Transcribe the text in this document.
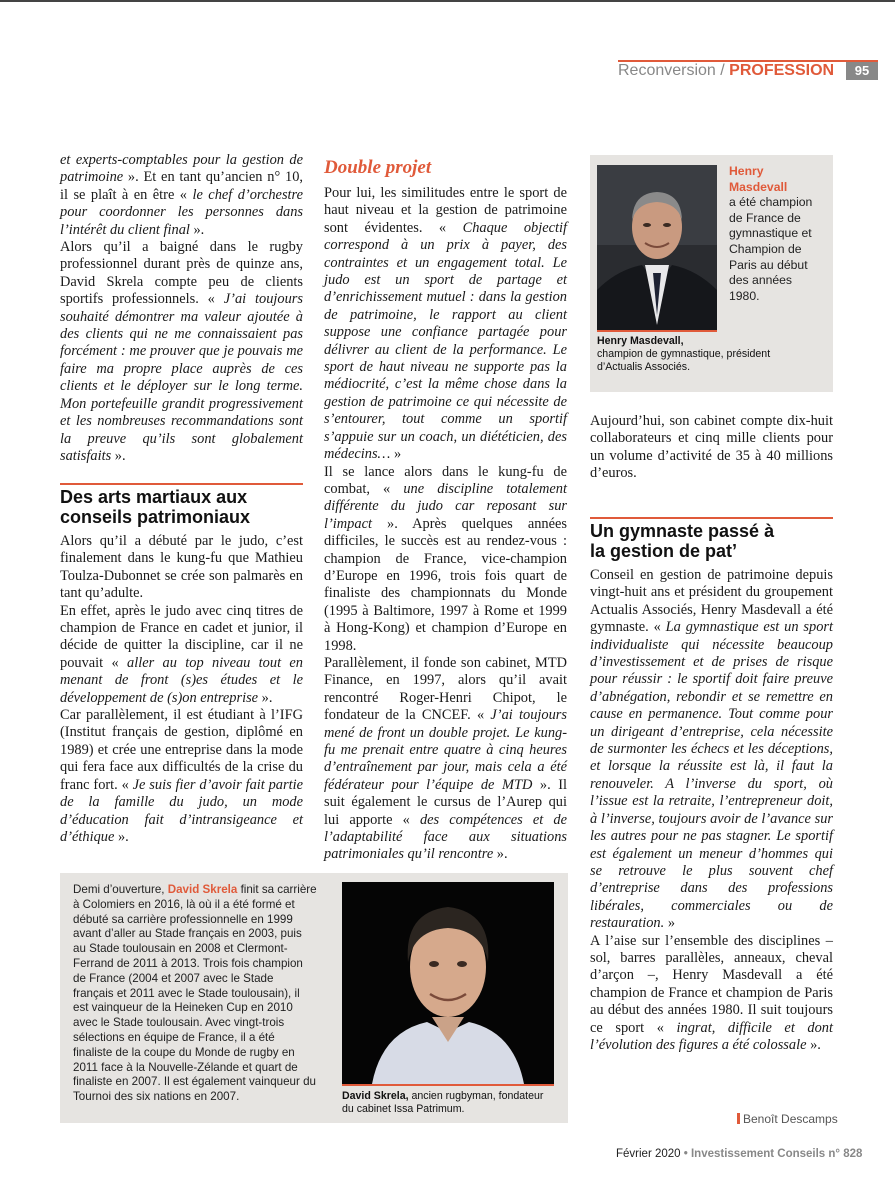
Reconversion / PROFESSION	95

et experts-comptables pour la gestion de patrimoine ». Et en tant qu’ancien n° 10, il se plaît à en être « le chef d’orchestre pour coordonner les personnes dans l’intérêt du client final ».

Alors qu’il a baigné dans le rugby professionnel durant près de quinze ans, David Skrela compte peu de clients sportifs professionnels. « J’ai toujours souhaité démontrer ma valeur ajoutée à des clients qui ne me connaissaient pas forcément : me prouver que je pouvais me faire ma propre place auprès de ces clients et le déployer sur le long terme. Mon portefeuille grandit progressivement et les nombreuses recommandations sont la preuve qu’ils sont globalement satisfaits ».

Des arts martiaux aux conseils patrimoniaux

Alors qu’il a débuté par le judo, c’est finalement dans le kung-fu que Mathieu Toulza-Dubonnet se crée son palmarès en tant qu’adulte.

En effet, après le judo avec cinq titres de champion de France en cadet et junior, il décide de quitter la discipline, car il ne pouvait « aller au top niveau tout en menant de front (s)es études et le développement de (s)on entreprise ».

Car parallèlement, il est étudiant à l’IFG (Institut français de gestion, diplômé en 1989) et crée une entreprise dans la mode qui fera face aux difficultés de la crise du franc fort. « Je suis fier d’avoir fait partie de la famille du judo, un mode d’éducation fait d’intransigeance et d’éthique ».

Double projet

Pour lui, les similitudes entre le sport de haut niveau et la gestion de patrimoine sont évidentes. « Chaque objectif correspond à un prix à payer, des contraintes et un engagement total. Le judo est un sport de partage et d’enrichissement mutuel : dans la gestion de patrimoine, le rapport au client suppose une confiance partagée pour délivrer au client de la performance. Le sport de haut niveau ne supporte pas la médiocrité, c’est la même chose dans la gestion de patrimoine ce qui nécessite de s’entourer, tout comme un sportif s’appuie sur un coach, un diététicien, des médecins… »

Il se lance alors dans le kung-fu de combat, « une discipline totalement différente du judo car reposant sur l’impact ». Après quelques années difficiles, le succès est au rendez-vous : champion de France, vice-champion d’Europe en 1996, trois fois quart de finaliste des championnats du Monde (1995 à Baltimore, 1997 à Rome et 1999 à Hong-Kong) et champion d’Europe en 1998.

Parallèlement, il fonde son cabinet, MTD Finance, en 1997, alors qu’il avait rencontré Roger-Henri Chipot, le fondateur de la CNCEF. « J’ai toujours mené de front un double projet. Le kung-fu me prenait entre quatre à cinq heures d’entraînement par jour, mais cela a été fédérateur pour l’équipe de MTD ». Il suit également le cursus de l’Aurep qui lui apporte « des compétences et de l’adaptabilité face aux situations patrimoniales qu’il rencontre ».

Henry Masdevall
a été champion de France de gymnastique et Champion de Paris au début des années 1980.
Henry Masdevall,
champion de gymnastique, président d’Actualis Associés.

Aujourd’hui, son cabinet compte dix-huit collaborateurs et cinq mille clients pour un volume d’activité de 35 à 40 millions d’euros.

Un gymnaste passé à la gestion de pat’

Conseil en gestion de patrimoine depuis vingt-huit ans et président du groupement Actualis Associés, Henry Masdevall a été gymnaste. « La gymnastique est un sport individualiste qui nécessite beaucoup d’investissement et de prises de risque pour réussir : le sportif doit faire preuve d’abnégation, rebondir et se remettre en cause en permanence. Tout comme pour un dirigeant d’entreprise, cela nécessite de surmonter les échecs et les déceptions, et lorsque la réussite est là, il faut la renouveler. A l’inverse du sport, où l’issue est la retraite, l’entrepreneur doit, à l’inverse, toujours avoir de l’avance sur les autres pour ne pas stagner. Le sportif est également un meneur d’hommes qui se retrouve le plus souvent chef d’entreprise dans des professions libérales, commerciales ou de restauration. »

A l’aise sur l’ensemble des disciplines – sol, barres parallèles, anneaux, cheval d’arçon –, Henry Masdevall a été champion de France et champion de Paris au début des années 1980. Il suit toujours ce sport « ingrat, difficile et dont l’évolution des figures a été colossale ».

Demi d’ouverture, David Skrela finit sa carrière à Colomiers en 2016, là où il a été formé et débuté sa carrière professionnelle en 1999 avant d’aller au Stade français en 2003, puis au Stade toulousain en 2008 et Clermont-Ferrand de 2011 à 2013. Trois fois champion de France (2004 et 2007 avec le Stade français et 2011 avec le Stade toulousain), il est vainqueur de la Heineken Cup en 2010 avec le Stade toulousain. Avec vingt-trois sélections en équipe de France, il a été finaliste de la coupe du Monde de rugby en 2011 face à la Nouvelle-Zélande et quart de finaliste en 2007. Il est également vainqueur du Tournoi des six nations en 2007.	David Skrela, ancien rugbyman, fondateur du cabinet Issa Patrimum.
Benoît Descamps
Février 2020 • Investissement Conseils n° 828
